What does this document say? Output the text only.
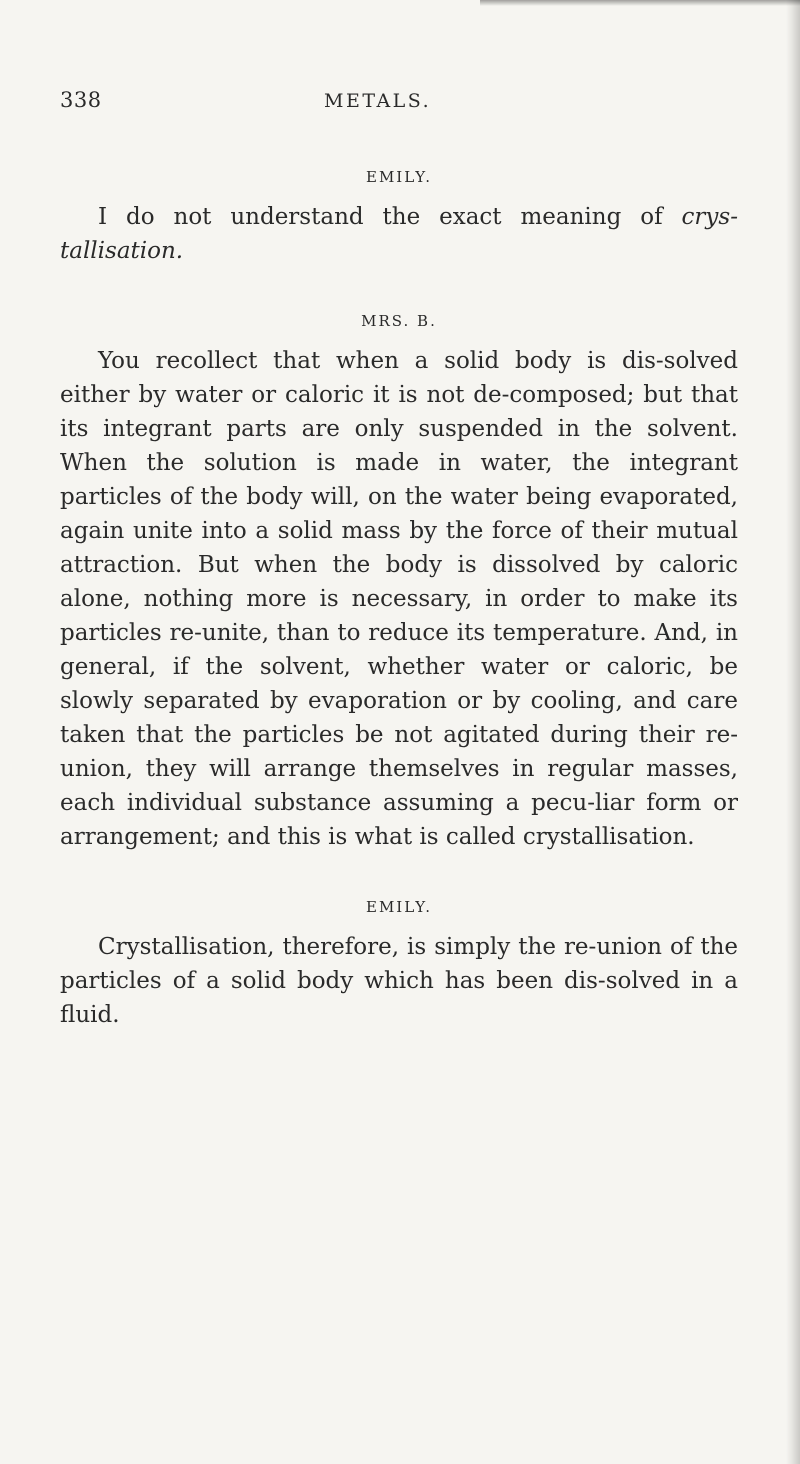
338	METALS.

EMILY.

I do not understand the exact meaning of crys-tallisation.

MRS. B.

You recollect that when a solid body is dis-solved either by water or caloric it is not de-composed; but that its integrant parts are only suspended in the solvent. When the solution is made in water, the integrant particles of the body will, on the water being evaporated, again unite into a solid mass by the force of their mutual attraction. But when the body is dissolved by caloric alone, nothing more is necessary, in order to make its particles re-unite, than to reduce its temperature. And, in general, if the solvent, whether water or caloric, be slowly separated by evaporation or by cooling, and care taken that the particles be not agitated during their re-union, they will arrange themselves in regular masses, each individual substance assuming a pecu-liar form or arrangement; and this is what is called crystallisation.

EMILY.

Crystallisation, therefore, is simply the re-union of the particles of a solid body which has been dis-solved in a fluid.
